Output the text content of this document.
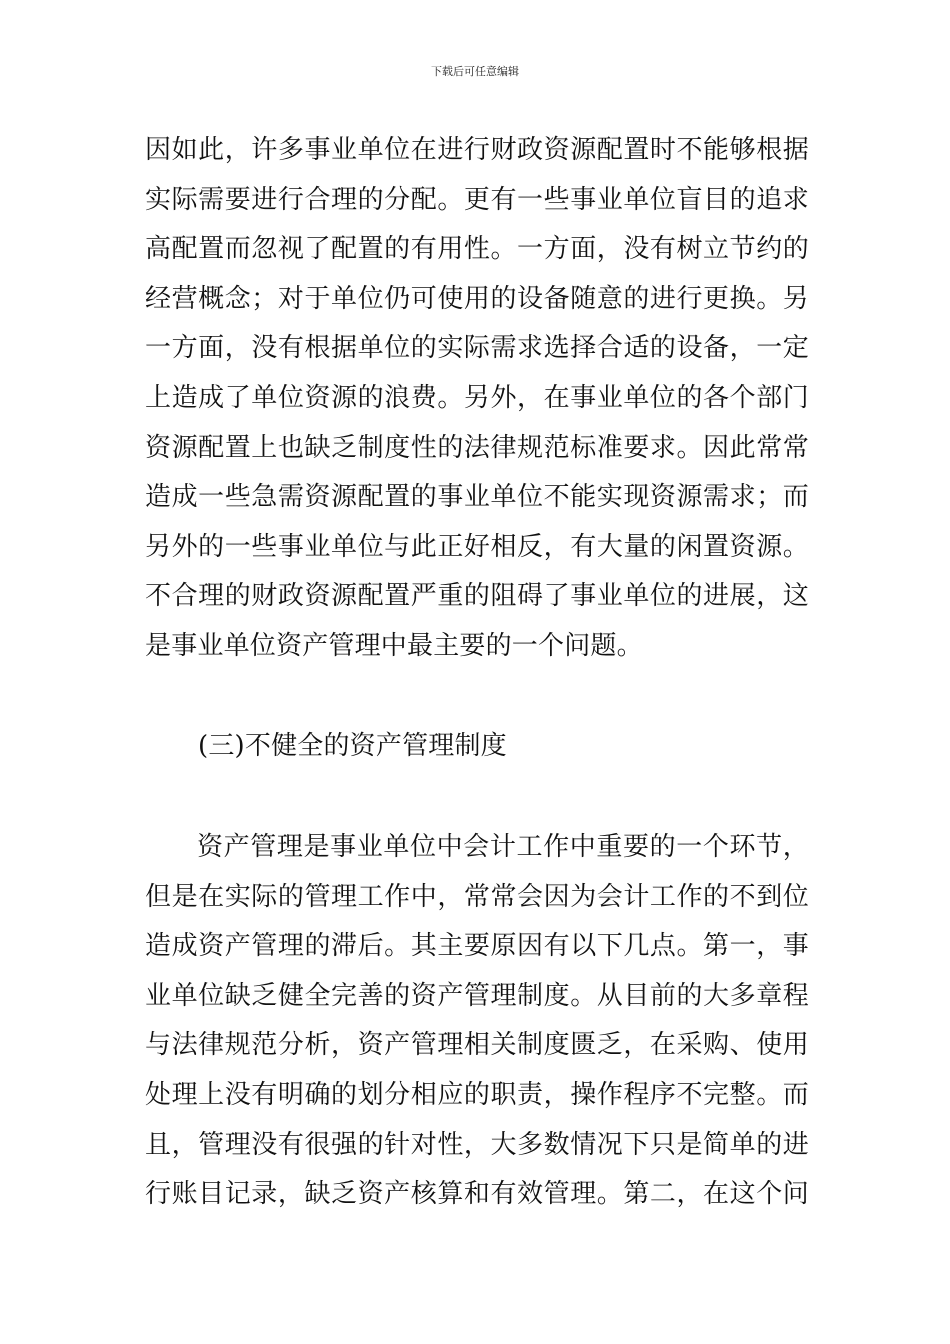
下载后可任意编辑
因如此，许多事业单位在进行财政资源配置时不能够根据
实际需要进行合理的分配。更有一些事业单位盲目的追求
高配置而忽视了配置的有用性。一方面，没有树立节约的
经营概念；对于单位仍可使用的设备随意的进行更换。另
一方面，没有根据单位的实际需求选择合适的设备，一定
上造成了单位资源的浪费。另外，在事业单位的各个部门
资源配置上也缺乏制度性的法律规范标准要求。因此常常
造成一些急需资源配置的事业单位不能实现资源需求；而
另外的一些事业单位与此正好相反，有大量的闲置资源。
不合理的财政资源配置严重的阻碍了事业单位的进展，这
是事业单位资产管理中最主要的一个问题。
(三)不健全的资产管理制度
资产管理是事业单位中会计工作中重要的一个环节，
但是在实际的管理工作中，常常会因为会计工作的不到位
造成资产管理的滞后。其主要原因有以下几点。第一，事
业单位缺乏健全完善的资产管理制度。从目前的大多章程
与法律规范分析，资产管理相关制度匮乏，在采购、使用
处理上没有明确的划分相应的职责，操作程序不完整。而
且，管理没有很强的针对性，大多数情况下只是简单的进
行账目记录，缺乏资产核算和有效管理。第二，在这个问
